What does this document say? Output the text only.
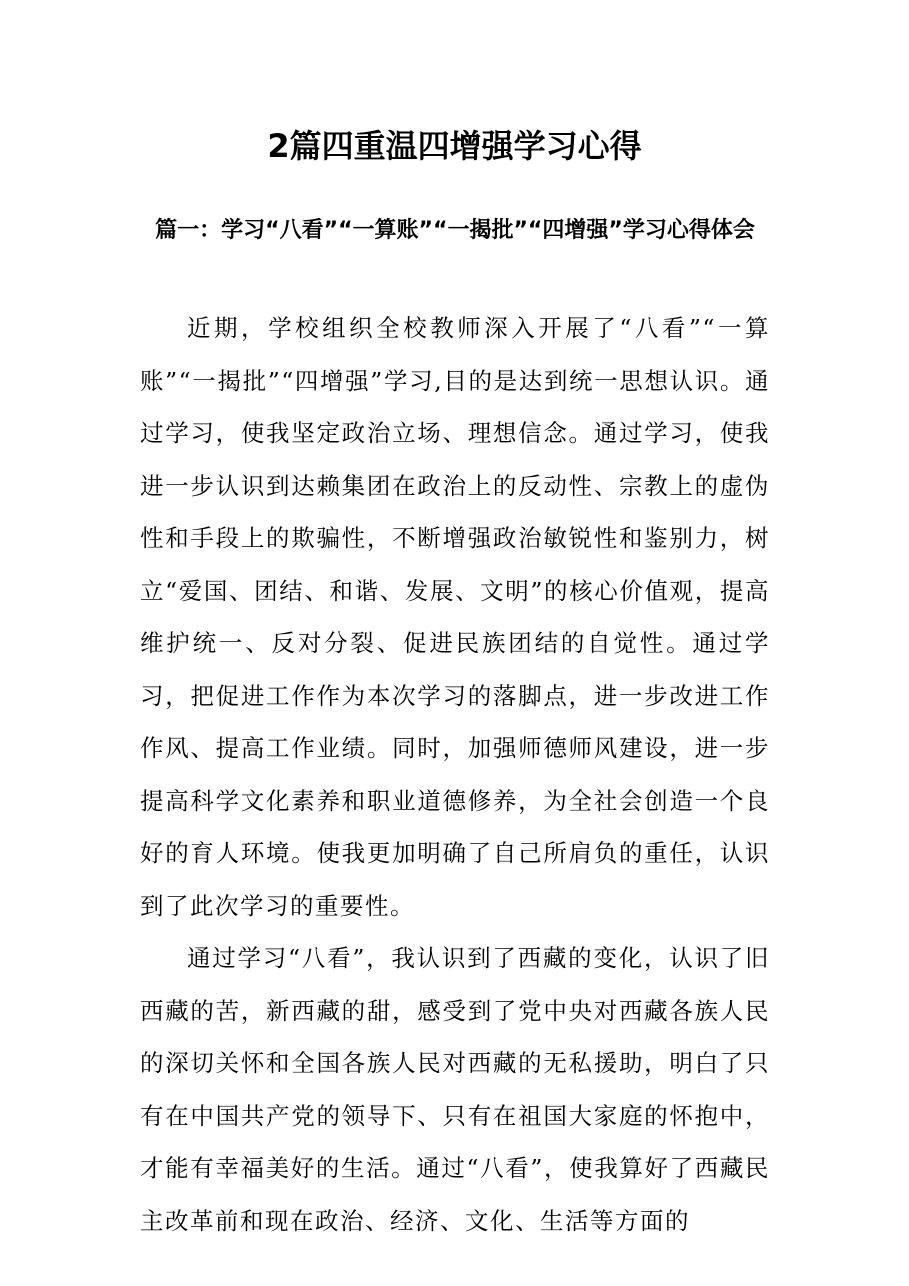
2篇四重温四增强学习心得
篇一：学习“八看”“一算账”“一揭批”“四增强”学习心得体会

近期，学校组织全校教师深入开展了“八看”“一算账”“一揭批”“四增强”学习,目的是达到统一思想认识。通过学习，使我坚定政治立场、理想信念。通过学习，使我进一步认识到达赖集团在政治上的反动性、宗教上的虚伪性和手段上的欺骗性，不断增强政治敏锐性和鉴别力，树立“爱国、团结、和谐、发展、文明”的核心价值观，提高维护统一、反对分裂、促进民族团结的自觉性。通过学习，把促进工作作为本次学习的落脚点，进一步改进工作作风、提高工作业绩。同时，加强师德师风建设，进一步提高科学文化素养和职业道德修养，为全社会创造一个良好的育人环境。使我更加明确了自己所肩负的重任，认识到了此次学习的重要性。

通过学习“八看”，我认识到了西藏的变化，认识了旧西藏的苦，新西藏的甜，感受到了党中央对西藏各族人民的深切关怀和全国各族人民对西藏的无私援助，明白了只有在中国共产党的领导下、只有在祖国大家庭的怀抱中，才能有幸福美好的生活。通过“八看”，使我算好了西藏民主改革前和现在政治、经济、文化、生活等方面的
